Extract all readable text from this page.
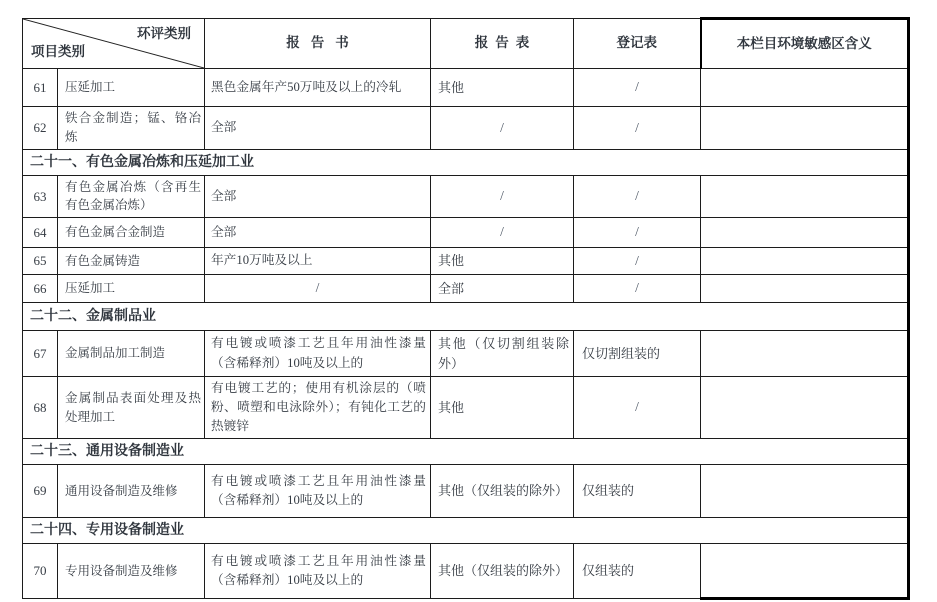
环评类别
项目类别		报告书	报告表	登记表	本栏目环境敏感区含义
61	压延加工	黑色金属年产50万吨及以上的冷轧	其他	/	
62	铁合金制造；锰、铬冶炼	全部	/	/	
二十一、有色金属冶炼和压延加工业					
63	有色金属冶炼（含再生有色金属冶炼）	全部	/	/	
64	有色金属合金制造	全部	/	/	
65	有色金属铸造	年产10万吨及以上	其他	/	
66	压延加工	/	全部	/	
二十二、金属制品业					
67	金属制品加工制造	有电镀或喷漆工艺且年用油性漆量（含稀释剂）10吨及以上的	其他（仅切割组装除外）	仅切割组装的	
68	金属制品表面处理及热处理加工	有电镀工艺的；使用有机涂层的（喷粉、喷塑和电泳除外）；有钝化工艺的热镀锌	其他	/	
二十三、通用设备制造业					
69	通用设备制造及维修	有电镀或喷漆工艺且年用油性漆量（含稀释剂）10吨及以上的	其他（仅组装的除外）	仅组装的	
二十四、专用设备制造业					
70	专用设备制造及维修	有电镀或喷漆工艺且年用油性漆量（含稀释剂）10吨及以上的	其他（仅组装的除外）	仅组装的	
